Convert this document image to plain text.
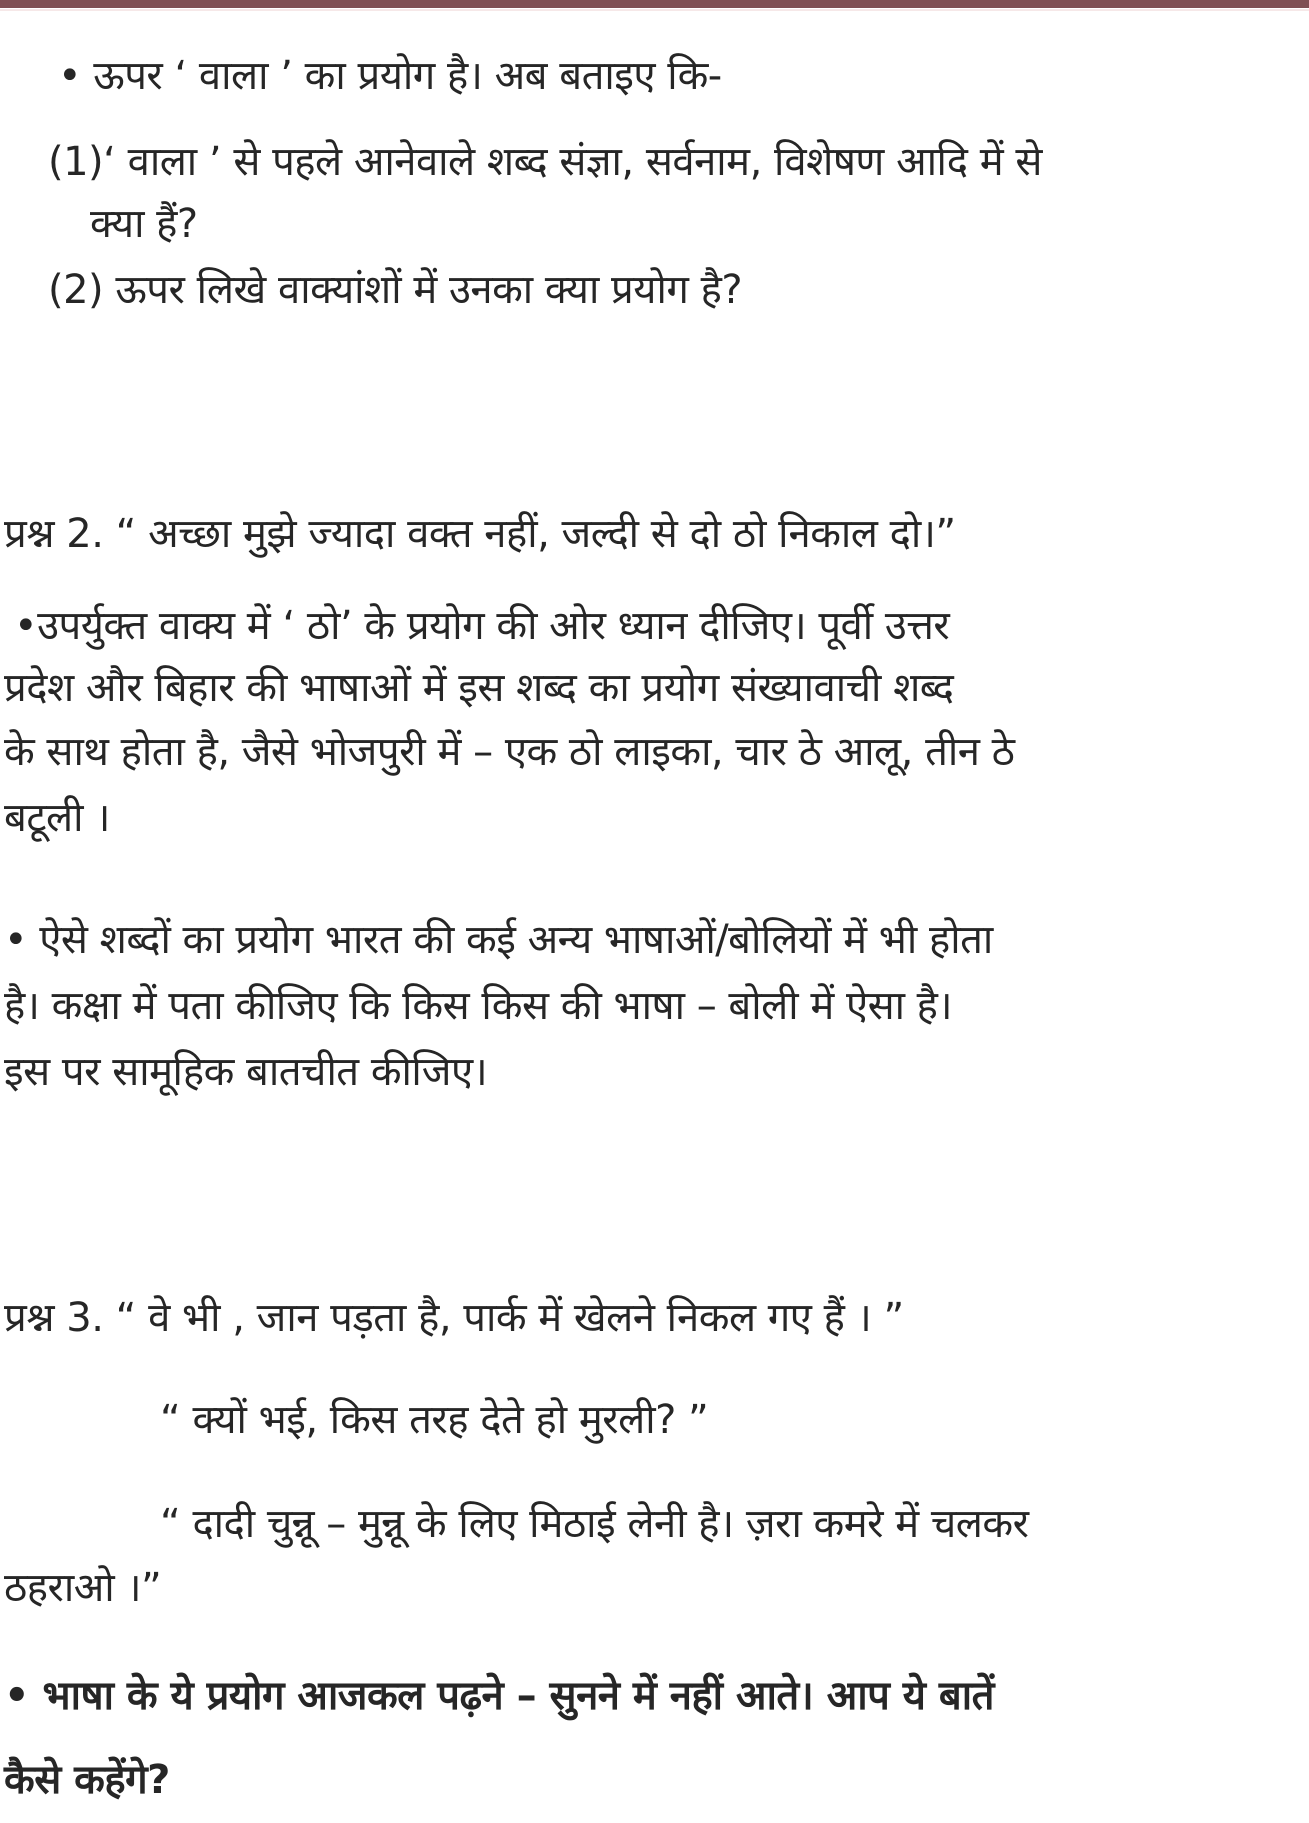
• ऊपर ‘ वाला ’ का प्रयोग है। अब बताइए कि-
(1)‘ वाला ’ से पहले आनेवाले शब्द संज्ञा, सर्वनाम, विशेषण आदि में से
क्या हैं?
(2) ऊपर लिखे वाक्यांशों में उनका क्या प्रयोग है?
प्रश्न 2. “ अच्छा मुझे ज्यादा वक्त नहीं, जल्दी से दो ठो निकाल दो।”
•उपर्युक्त वाक्य में ‘ ठो’ के प्रयोग की ओर ध्यान दीजिए। पूर्वी उत्तर
प्रदेश और बिहार की भाषाओं में इस शब्द का प्रयोग संख्यावाची शब्द
के साथ होता है, जैसे भोजपुरी में – एक ठो लाइका, चार ठे आलू, तीन ठे
बटूली ।
• ऐसे शब्दों का प्रयोग भारत की कई अन्य भाषाओं/बोलियों में भी होता
है। कक्षा में पता कीजिए कि किस किस की भाषा – बोली में ऐसा है।
इस पर सामूहिक बातचीत कीजिए।
प्रश्न 3. “ वे भी , जान पड़ता है, पार्क में खेलने निकल गए हैं । ”
“ क्यों भई, किस तरह देते हो मुरली? ”
“ दादी चुन्नू – मुन्नू के लिए मिठाई लेनी है। ज़रा कमरे में चलकर
ठहराओ ।”
• भाषा के ये प्रयोग आजकल पढ़ने – सुनने में नहीं आते। आप ये बातें
कैसे कहेंगे?
